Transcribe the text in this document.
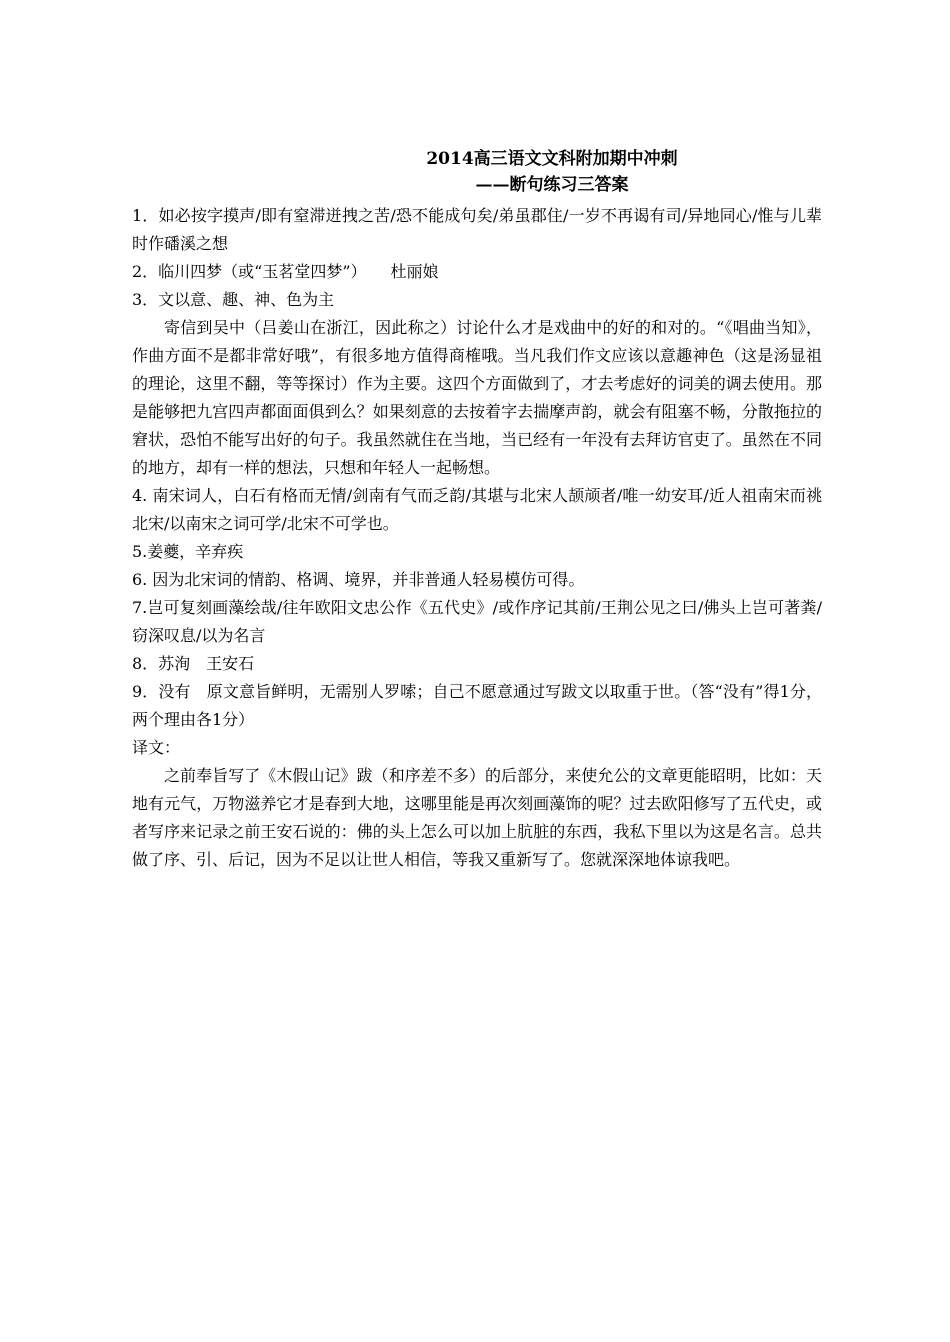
2014高三语文文科附加期中冲刺

——断句练习三答案

1．如必按字摸声/即有窒滞迸拽之苦/恐不能成句矣/弟虽郡住/一岁不再谒有司/异地同心/惟与儿辈时作磻溪之想

2．临川四梦（或“玉茗堂四梦”）　　杜丽娘

3．文以意、趣、神、色为主

寄信到吴中（吕姜山在浙江，因此称之）讨论什么才是戏曲中的好的和对的。“《唱曲当知》，作曲方面不是都非常好哦”，有很多地方值得商榷哦。当凡我们作文应该以意趣神色（这是汤显祖的理论，这里不翻，等等探讨）作为主要。这四个方面做到了，才去考虑好的词美的调去使用。那是能够把九宫四声都面面俱到么？如果刻意的去按着字去揣摩声韵，就会有阻塞不畅，分散拖拉的窘状，恐怕不能写出好的句子。我虽然就住在当地，当已经有一年没有去拜访官吏了。虽然在不同的地方，却有一样的想法，只想和年轻人一起畅想。

4. 南宋词人，白石有格而无情/剑南有气而乏韵/其堪与北宋人颉颃者/唯一幼安耳/近人祖南宋而祧北宋/以南宋之词可学/北宋不可学也。

5.姜夔，辛弃疾

6. 因为北宋词的情韵、格调、境界，并非普通人轻易模仿可得。

7.岂可复刻画藻绘哉/往年欧阳文忠公作《五代史》/或作序记其前/王荆公见之曰/佛头上岂可著粪/窃深叹息/以为名言

8．苏洵　王安石

9．没有　原文意旨鲜明，无需别人罗嗦；自己不愿意通过写跋文以取重于世。（答“没有”得1分，两个理由各1分）

译文：

之前奉旨写了《木假山记》跋（和序差不多）的后部分，来使允公的文章更能昭明，比如：天地有元气，万物滋养它才是春到大地，这哪里能是再次刻画藻饰的呢？过去欧阳修写了五代史，或者写序来记录之前王安石说的：佛的头上怎么可以加上肮脏的东西，我私下里以为这是名言。总共做了序、引、后记，因为不足以让世人相信，等我又重新写了。您就深深地体谅我吧。
